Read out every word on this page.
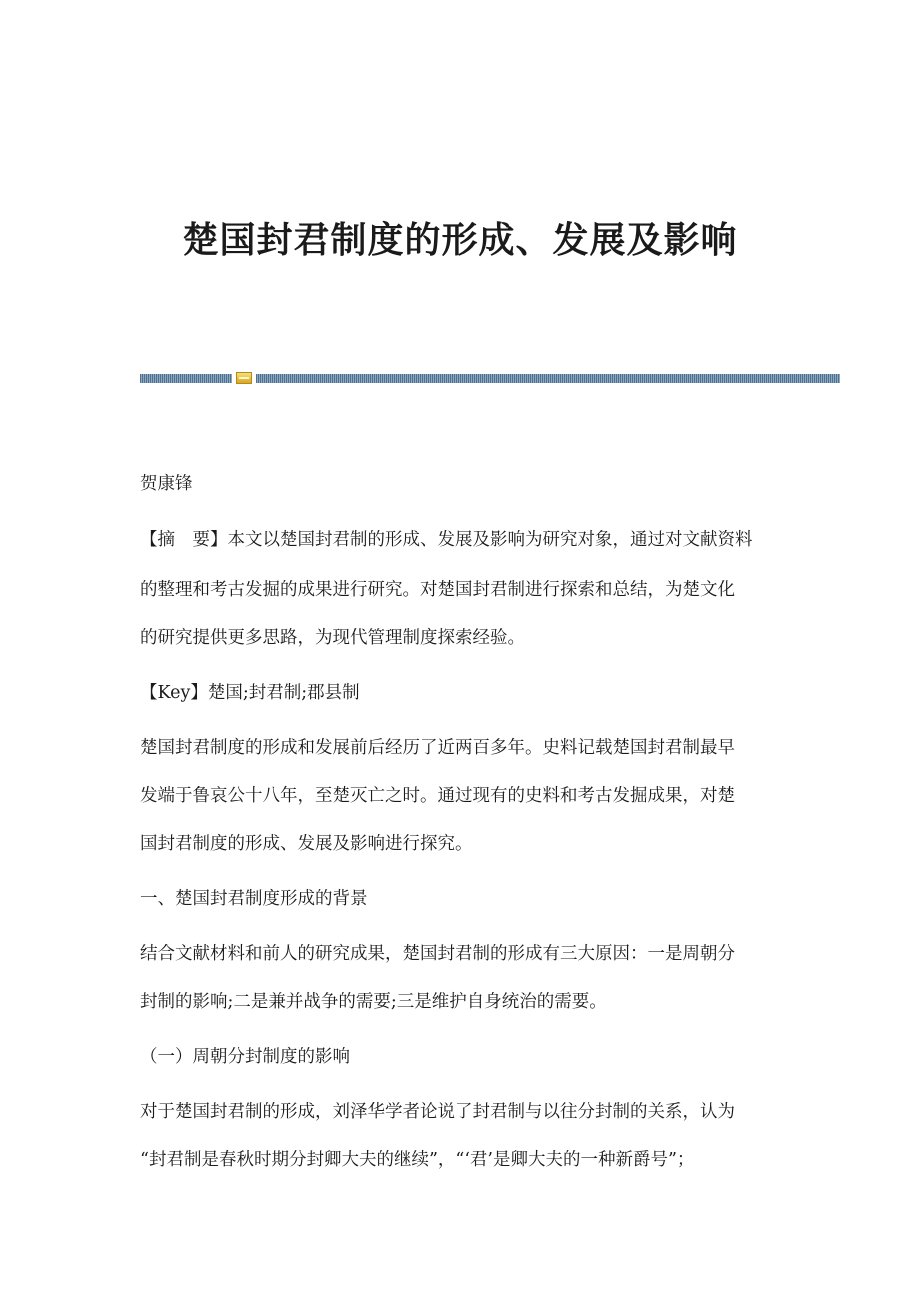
楚国封君制度的形成、发展及影响

贺康锋

【摘　要】本文以楚国封君制的形成、发展及影响为研究对象，通过对文献资料

的整理和考古发掘的成果进行研究。对楚国封君制进行探索和总结，为楚文化

的研究提供更多思路，为现代管理制度探索经验。

【Key】楚国;封君制;郡县制

楚国封君制度的形成和发展前后经历了近两百多年。史料记载楚国封君制最早

发端于鲁哀公十八年，至楚灭亡之时。通过现有的史料和考古发掘成果，对楚

国封君制度的形成、发展及影响进行探究。

一、楚国封君制度形成的背景

结合文献材料和前人的研究成果，楚国封君制的形成有三大原因：一是周朝分

封制的影响;二是兼并战争的需要;三是维护自身统治的需要。

（一）周朝分封制度的影响

对于楚国封君制的形成，刘泽华学者论说了封君制与以往分封制的关系，认为

“封君制是春秋时期分封卿大夫的继续”，“‘君’是卿大夫的一种新爵号”；
